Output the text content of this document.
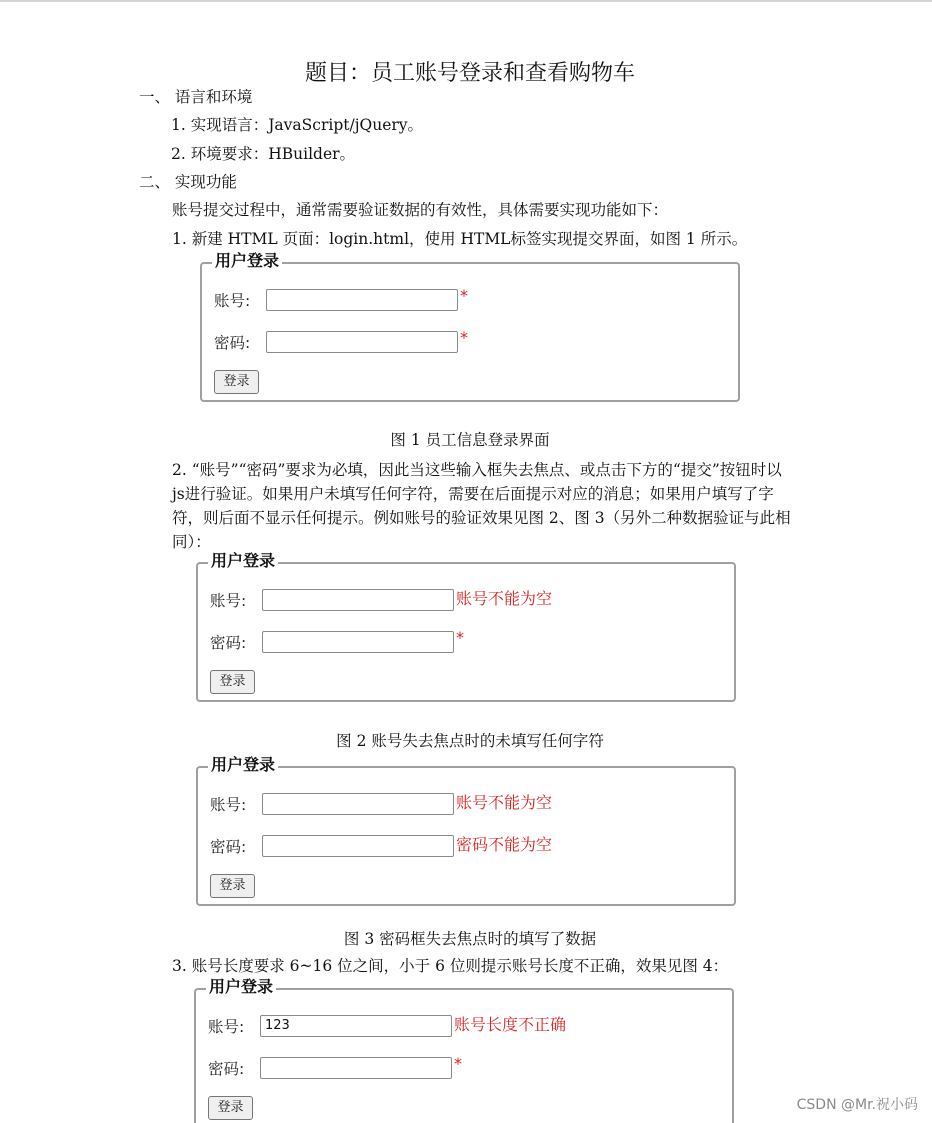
题目：员工账号登录和查看购物车
一、 语言和环境
1. 实现语言：JavaScript/jQuery。
2. 环境要求：HBuilder。
二、 实现功能
账号提交过程中，通常需要验证数据的有效性，具体需要实现功能如下：
1. 新建 HTML 页面：login.html，使用 HTML标签实现提交界面，如图 1 所示。
用户登录
账号:	*
密码:	*
登录
图 1 员工信息登录界面
2. “账号”“密码”要求为必填，因此当这些输入框失去焦点、或点击下方的“提交”按钮时以 js进行验证。如果用户未填写任何字符，需要在后面提示对应的消息；如果用户填写了字符，则后面不显示任何提示。例如账号的验证效果见图 2、图 3（另外二种数据验证与此相同）：
用户登录
账号:	账号不能为空
密码:	*
登录
图 2 账号失去焦点时的未填写任何字符
用户登录
账号:	账号不能为空
密码:	密码不能为空
登录
图 3 密码框失去焦点时的填写了数据
3. 账号长度要求 6~16 位之间，小于 6 位则提示账号长度不正确，效果见图 4：
用户登录
账号:	123	账号长度不正确
密码:	*
登录	CSDN @Mr.祝小码
